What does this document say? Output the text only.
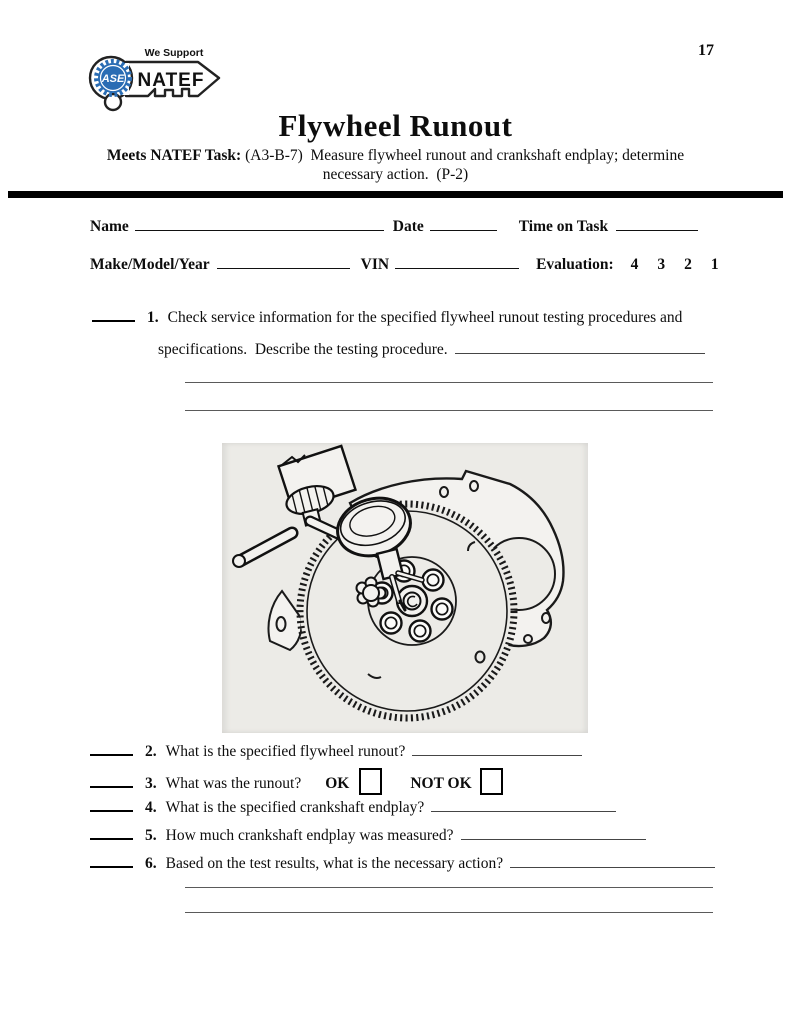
ASE
We Support
NATEF
17
Flywheel Runout
Meets NATEF Task: (A3-B-7)  Measure flywheel runout and crankshaft endplay; determine
necessary action.  (P-2)
Name	Date	Time on Task
Make/Model/Year	VIN	Evaluation: 4 3 2 1
1. Check service information for the specified flywheel runout testing procedures and
specifications.  Describe the testing procedure.
2. What is the specified flywheel runout?
3. What was the runout? OK	NOT OK
4. What is the specified crankshaft endplay?
5. How much crankshaft endplay was measured?
6. Based on the test results, what is the necessary action?
